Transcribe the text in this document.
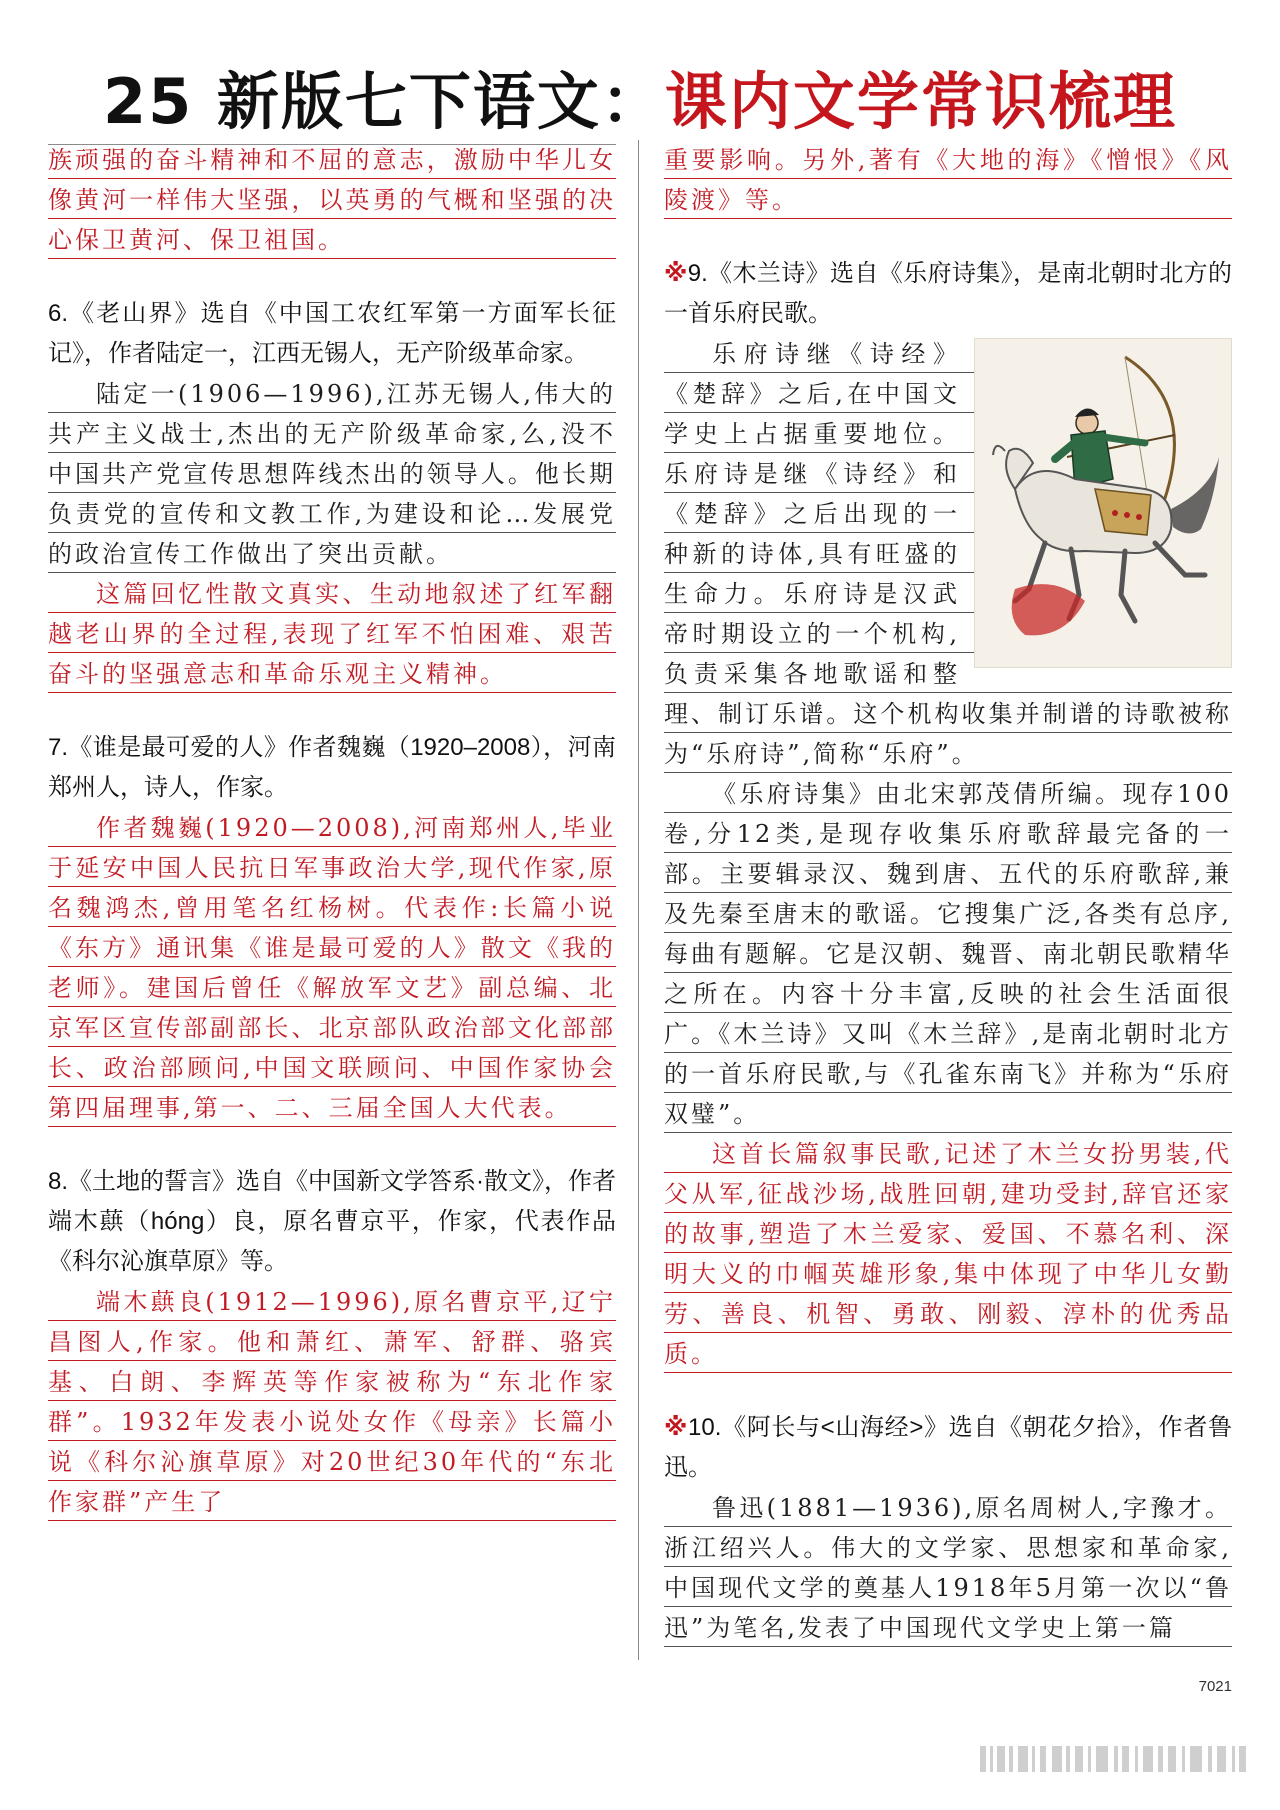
25 新版七下语文：课内文学常识梳理

族顽强的奋斗精神和不屈的意志，激励中华儿女像黄河一样伟大坚强，以英勇的气概和坚强的决心保卫黄河、保卫祖国。

6.《老山界》选自《中国工农红军第一方面军长征记》，作者陆定一，江西无锡人，无产阶级革命家。

陆定一(1906—1996),江苏无锡人,伟大的共产主义战士,杰出的无产阶级革命家,么,没不中国共产党宣传思想阵线杰出的领导人。他长期负责党的宣传和文教工作,为建设和论…发展党的政治宣传工作做出了突出贡献。

这篇回忆性散文真实、生动地叙述了红军翻越老山界的全过程,表现了红军不怕困难、艰苦奋斗的坚强意志和革命乐观主义精神。

7.《谁是最可爱的人》作者魏巍（1920–2008），河南郑州人，诗人，作家。

作者魏巍(1920—2008),河南郑州人,毕业于延安中国人民抗日军事政治大学,现代作家,原名魏鸿杰,曾用笔名红杨树。代表作:长篇小说《东方》通讯集《谁是最可爱的人》散文《我的老师》。建国后曾任《解放军文艺》副总编、北京军区宣传部副部长、北京部队政治部文化部部长、政治部顾问,中国文联顾问、中国作家协会第四届理事,第一、二、三届全国人大代表。

8.《土地的誓言》选自《中国新文学答系·散文》，作者端木蕻（hóng）良，原名曹京平，作家，代表作品《科尔沁旗草原》等。

端木蕻良(1912—1996),原名曹京平,辽宁昌图人,作家。他和萧红、萧军、舒群、骆宾基、白朗、李辉英等作家被称为“东北作家群”。1932年发表小说处女作《母亲》长篇小说《科尔沁旗草原》对20世纪30年代的“东北作家群”产生了

重要影响。另外,著有《大地的海》《憎恨》《风陵渡》等。

※9.《木兰诗》选自《乐府诗集》，是南北朝时北方的一首乐府民歌。

乐府诗继《诗经》《楚辞》之后,在中国文学史上占据重要地位。乐府诗是继《诗经》和《楚辞》之后出现的一种新的诗体,具有旺盛的生命力。乐府诗是汉武帝时期设立的一个机构,负责采集各地歌谣和整理、制订乐谱。这个机构收集并制谱的诗歌被称为“乐府诗”,简称“乐府”。

《乐府诗集》由北宋郭茂倩所编。现存100卷,分12类,是现存收集乐府歌辞最完备的一部。主要辑录汉、魏到唐、五代的乐府歌辞,兼及先秦至唐末的歌谣。它搜集广泛,各类有总序,每曲有题解。它是汉朝、魏晋、南北朝民歌精华之所在。内容十分丰富,反映的社会生活面很广。《木兰诗》又叫《木兰辞》,是南北朝时北方的一首乐府民歌,与《孔雀东南飞》并称为“乐府双璧”。

这首长篇叙事民歌,记述了木兰女扮男装,代父从军,征战沙场,战胜回朝,建功受封,辞官还家的故事,塑造了木兰爱家、爱国、不慕名利、深明大义的巾帼英雄形象,集中体现了中华儿女勤劳、善良、机智、勇敢、刚毅、淳朴的优秀品质。

※10.《阿长与<山海经>》选自《朝花夕拾》，作者鲁迅。

鲁迅(1881—1936),原名周树人,字豫才。浙江绍兴人。伟大的文学家、思想家和革命家,中国现代文学的奠基人1918年5月第一次以“鲁迅”为笔名,发表了中国现代文学史上第一篇

7021
